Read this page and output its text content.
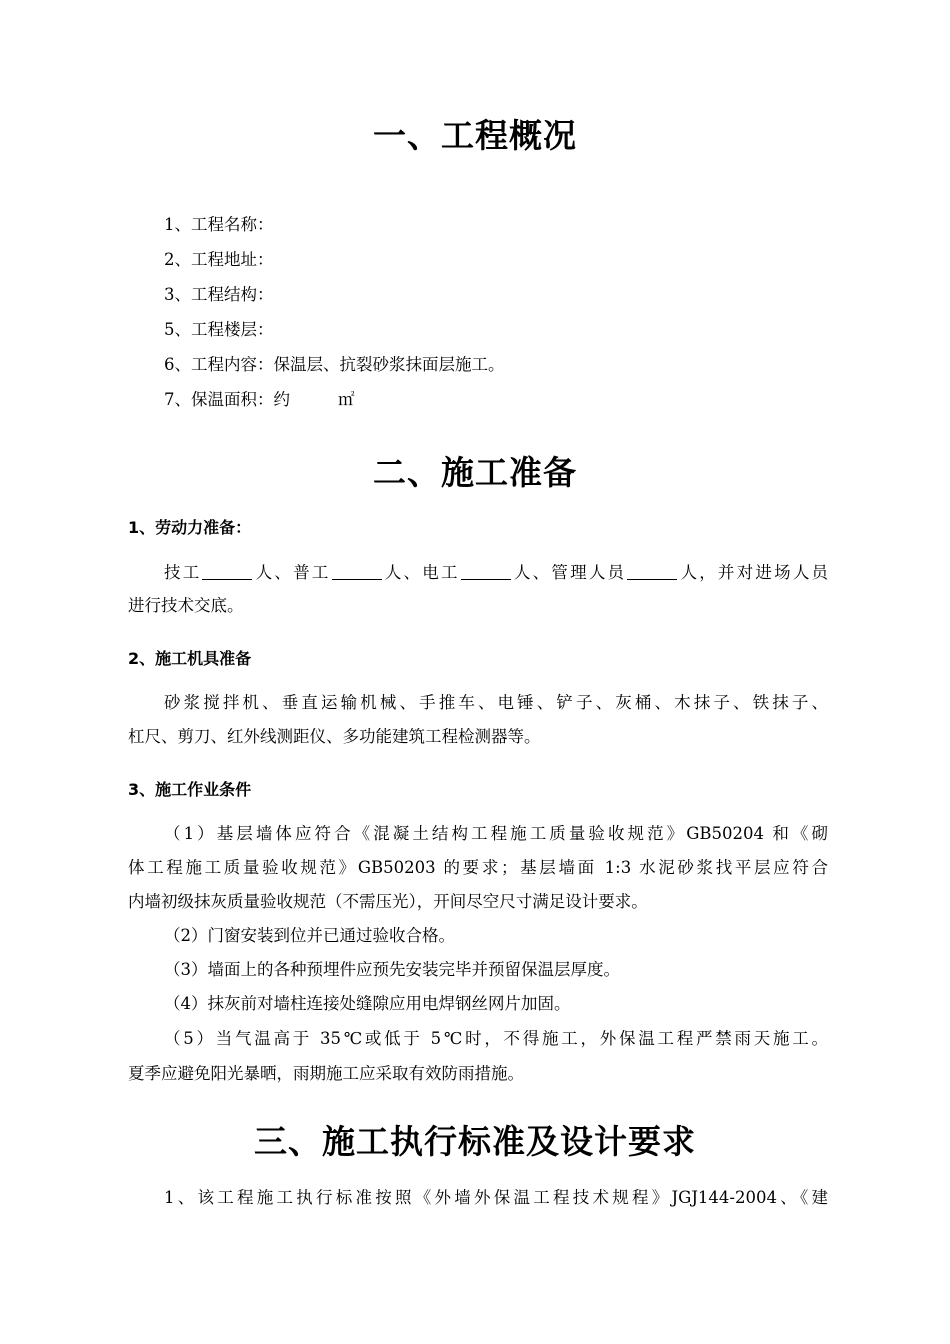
一、工程概况
1、工程名称：
2、工程地址：
3、工程结构：
5、工程楼层：
6、工程内容：保温层、抗裂砂浆抹面层施工。
7、保温面积：约	㎡
二、施工准备
1、劳动力准备：
技工	人、普工	人、电工	人、管理人员	人，并对进场人员
进行技术交底。
2、施工机具准备
砂浆搅拌机、垂直运输机械、手推车、电锤、铲子、灰桶、木抹子、铁抹子、
杠尺、剪刀、红外线测距仪、多功能建筑工程检测器等。
3、施工作业条件
（1）基层墙体应符合《混凝土结构工程施工质量验收规范》GB50204 和《砌
体工程施工质量验收规范》GB50203 的要求；基层墙面 1:3 水泥砂浆找平层应符合
内墙初级抹灰质量验收规范（不需压光），开间尽空尺寸满足设计要求。
（2）门窗安装到位并已通过验收合格。
（3）墙面上的各种预埋件应预先安装完毕并预留保温层厚度。
（4）抹灰前对墙柱连接处缝隙应用电焊钢丝网片加固。
（5）当气温高于 35℃或低于 5℃时，不得施工，外保温工程严禁雨天施工。
夏季应避免阳光暴晒，雨期施工应采取有效防雨措施。
三、施工执行标准及设计要求
1、该工程施工执行标准按照《外墙外保温工程技术规程》JGJ144-2004、《建
